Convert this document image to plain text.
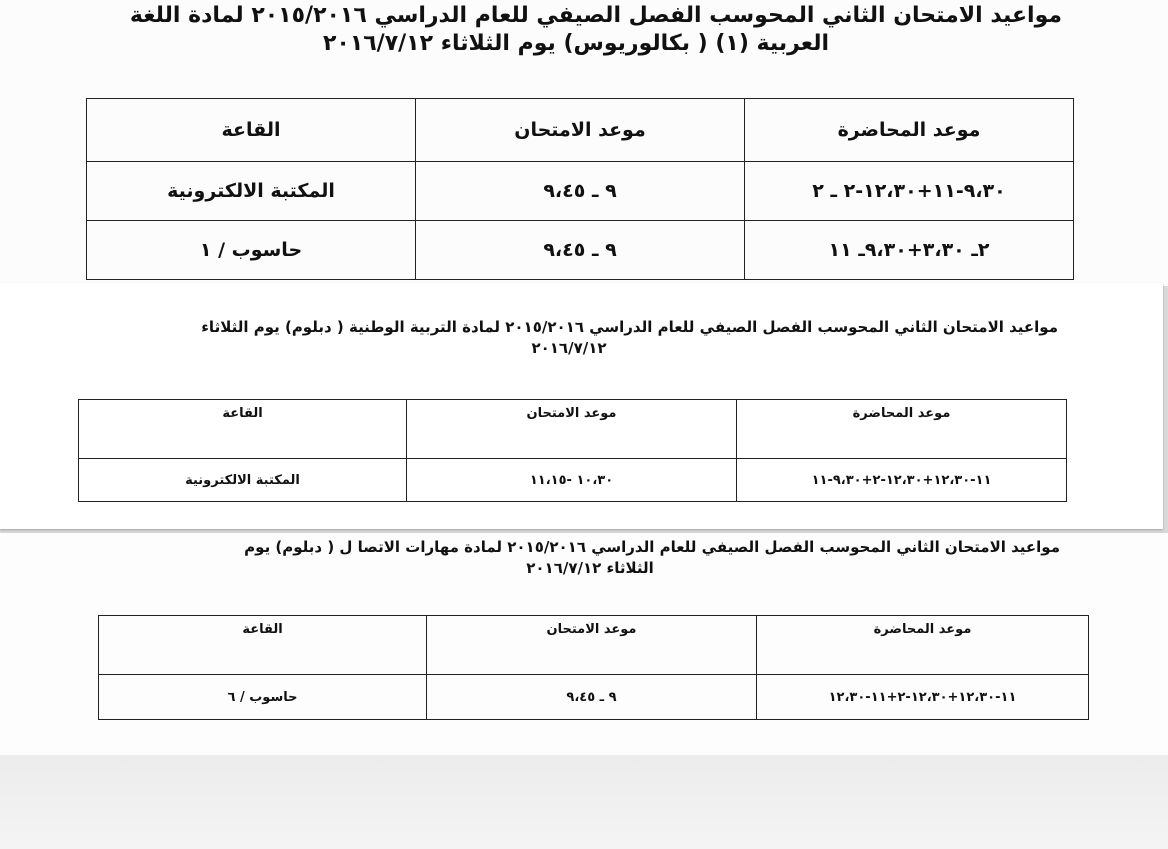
مواعيد الامتحان الثاني المحوسب الفصل الصيفي للعام الدراسي ٢٠١٥/٢٠١٦ لمادة اللغة
العربية (١) ( بكالوريوس) يوم الثلاثاء ٢٠١٦/٧/١٢
موعد المحاضرة	موعد الامتحان	القاعة
٩،٣٠-١١+١٢،٣٠-٢ ـ ٢	٩ ـ ٩،٤٥	المكتبة الالكترونية
٢ـ ٣،٣٠+٩،٣٠ـ ١١	٩ ـ ٩،٤٥	حاسوب / ١
مواعيد الامتحان الثاني المحوسب الفصل الصيفي للعام الدراسي ٢٠١٥/٢٠١٦ لمادة التربية الوطنية ( دبلوم) يوم الثلاثاء
٢٠١٦/٧/١٢
موعد المحاضرة	موعد الامتحان	القاعة
١١-١٢،٣٠+١٢،٣٠-٢+٩،٣٠-١١	١٠،٣٠ -١١،١٥	المكتبة الالكترونية
مواعيد الامتحان الثاني المحوسب الفصل الصيفي للعام الدراسي ٢٠١٥/٢٠١٦ لمادة مهارات الاتصا ل ( دبلوم) يوم
الثلاثاء ٢٠١٦/٧/١٢
موعد المحاضرة	موعد الامتحان	القاعة
١١-١٢،٣٠+١٢،٣٠-٢+١١-١٢،٣٠	٩ ـ ٩،٤٥	حاسوب / ٦
